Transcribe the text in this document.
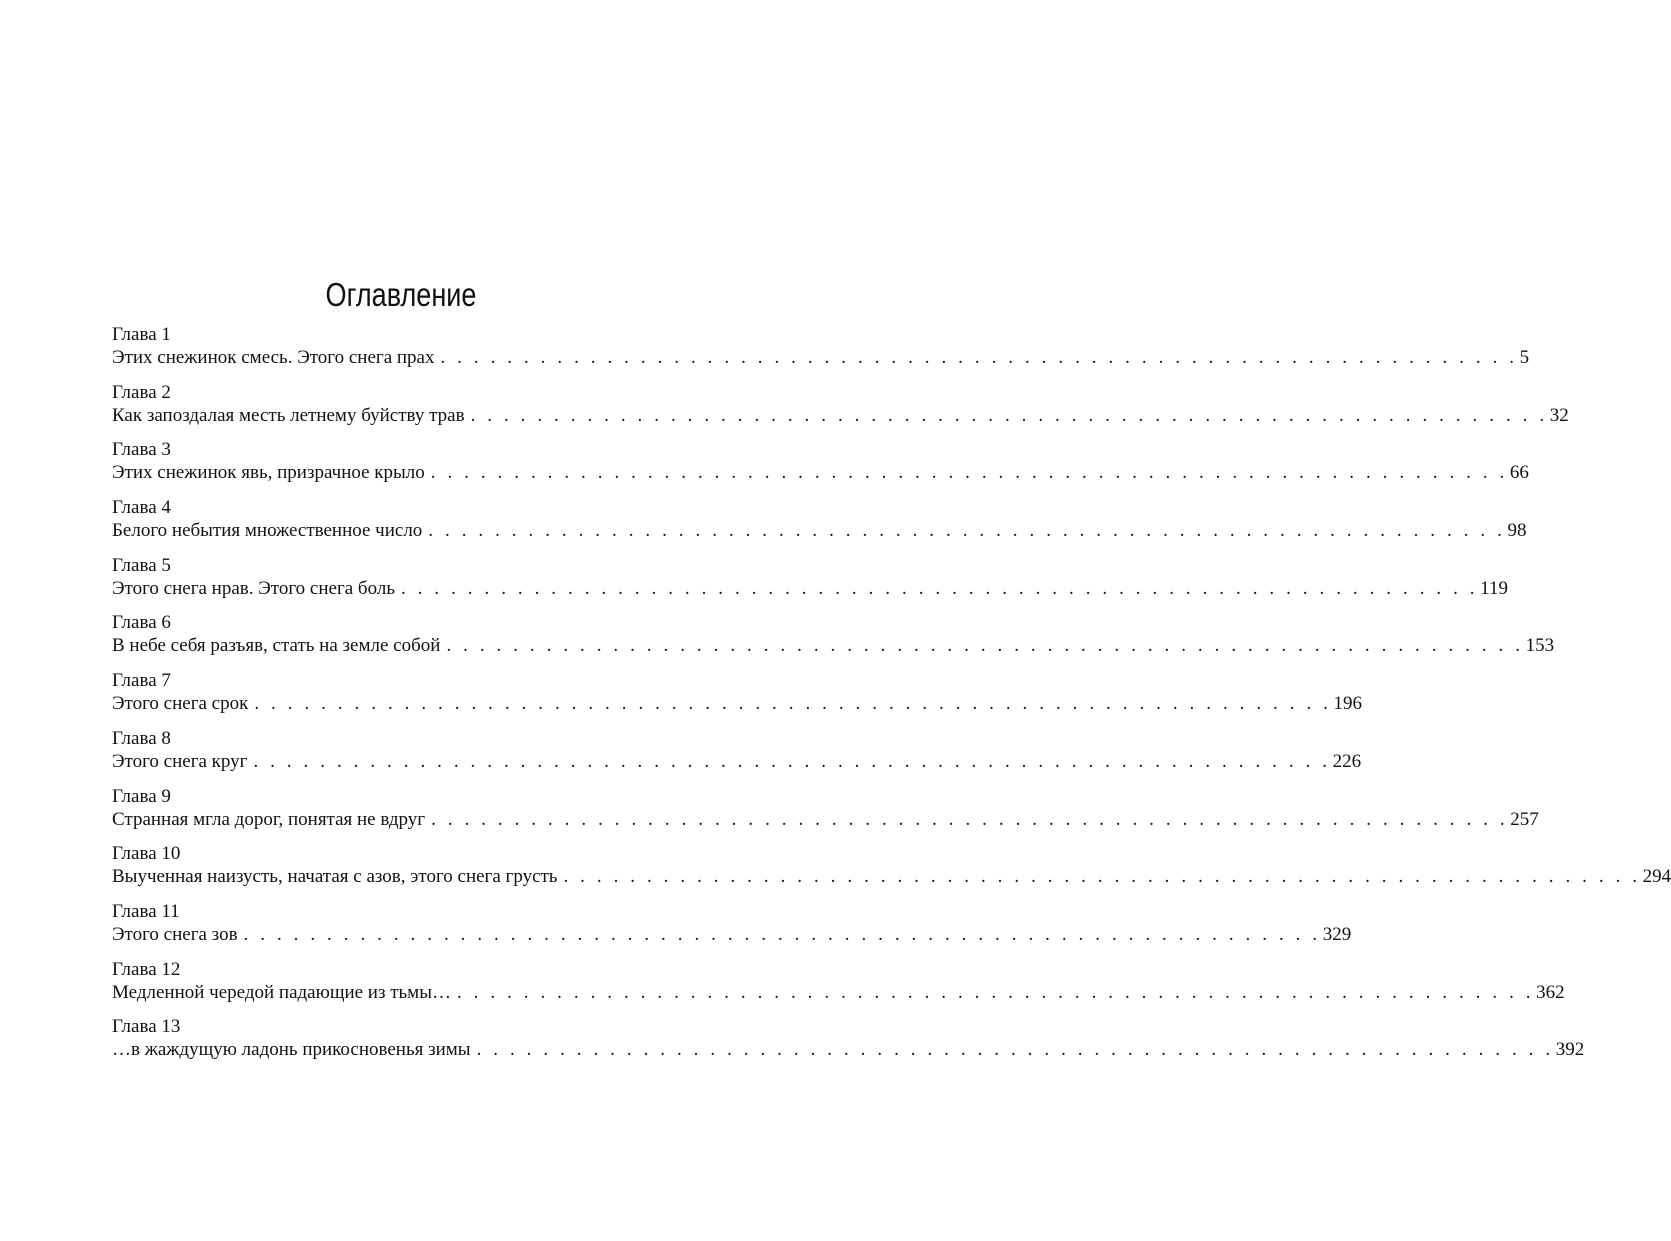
Оглавление
Глава 1
Этих снежинок смесь. Этого снега прах . . . . . . . . . . . . . . . . . . . . . . . . . . . . . . . . . . . . . . . . . . . . . . . . . . . . . . . . . . . . . . . . . 5
Глава 2
Как запоздалая месть летнему буйству трав . . . . . . . . . . . . . . . . . . . . . . . . . . . . . . . . . . . . . . . . . . . . . . . . . . . . . . . . . . . . . . . . . 32
Глава 3
Этих снежинок явь, призрачное крыло . . . . . . . . . . . . . . . . . . . . . . . . . . . . . . . . . . . . . . . . . . . . . . . . . . . . . . . . . . . . . . . . . 66
Глава 4
Белого небытия множественное число . . . . . . . . . . . . . . . . . . . . . . . . . . . . . . . . . . . . . . . . . . . . . . . . . . . . . . . . . . . . . . . . . 98
Глава 5
Этого снега нрав. Этого снега боль . . . . . . . . . . . . . . . . . . . . . . . . . . . . . . . . . . . . . . . . . . . . . . . . . . . . . . . . . . . . . . . . . 119
Глава 6
В небе себя разъяв, стать на земле собой . . . . . . . . . . . . . . . . . . . . . . . . . . . . . . . . . . . . . . . . . . . . . . . . . . . . . . . . . . . . . . . . . 153
Глава 7
Этого снега срок . . . . . . . . . . . . . . . . . . . . . . . . . . . . . . . . . . . . . . . . . . . . . . . . . . . . . . . . . . . . . . . . . 196
Глава 8
Этого снега круг . . . . . . . . . . . . . . . . . . . . . . . . . . . . . . . . . . . . . . . . . . . . . . . . . . . . . . . . . . . . . . . . . 226
Глава 9
Странная мгла дорог, понятая не вдруг . . . . . . . . . . . . . . . . . . . . . . . . . . . . . . . . . . . . . . . . . . . . . . . . . . . . . . . . . . . . . . . . . 257
Глава 10
Выученная наизусть, начатая с азов, этого снега грусть . . . . . . . . . . . . . . . . . . . . . . . . . . . . . . . . . . . . . . . . . . . . . . . . . . . . . . . . . . . . . . . . . 294
Глава 11
Этого снега зов . . . . . . . . . . . . . . . . . . . . . . . . . . . . . . . . . . . . . . . . . . . . . . . . . . . . . . . . . . . . . . . . . 329
Глава 12
Медленной чередой падающие из тьмы… . . . . . . . . . . . . . . . . . . . . . . . . . . . . . . . . . . . . . . . . . . . . . . . . . . . . . . . . . . . . . . . . . 362
Глава 13
…в жаждущую ладонь прикосновенья зимы . . . . . . . . . . . . . . . . . . . . . . . . . . . . . . . . . . . . . . . . . . . . . . . . . . . . . . . . . . . . . . . . . 392
